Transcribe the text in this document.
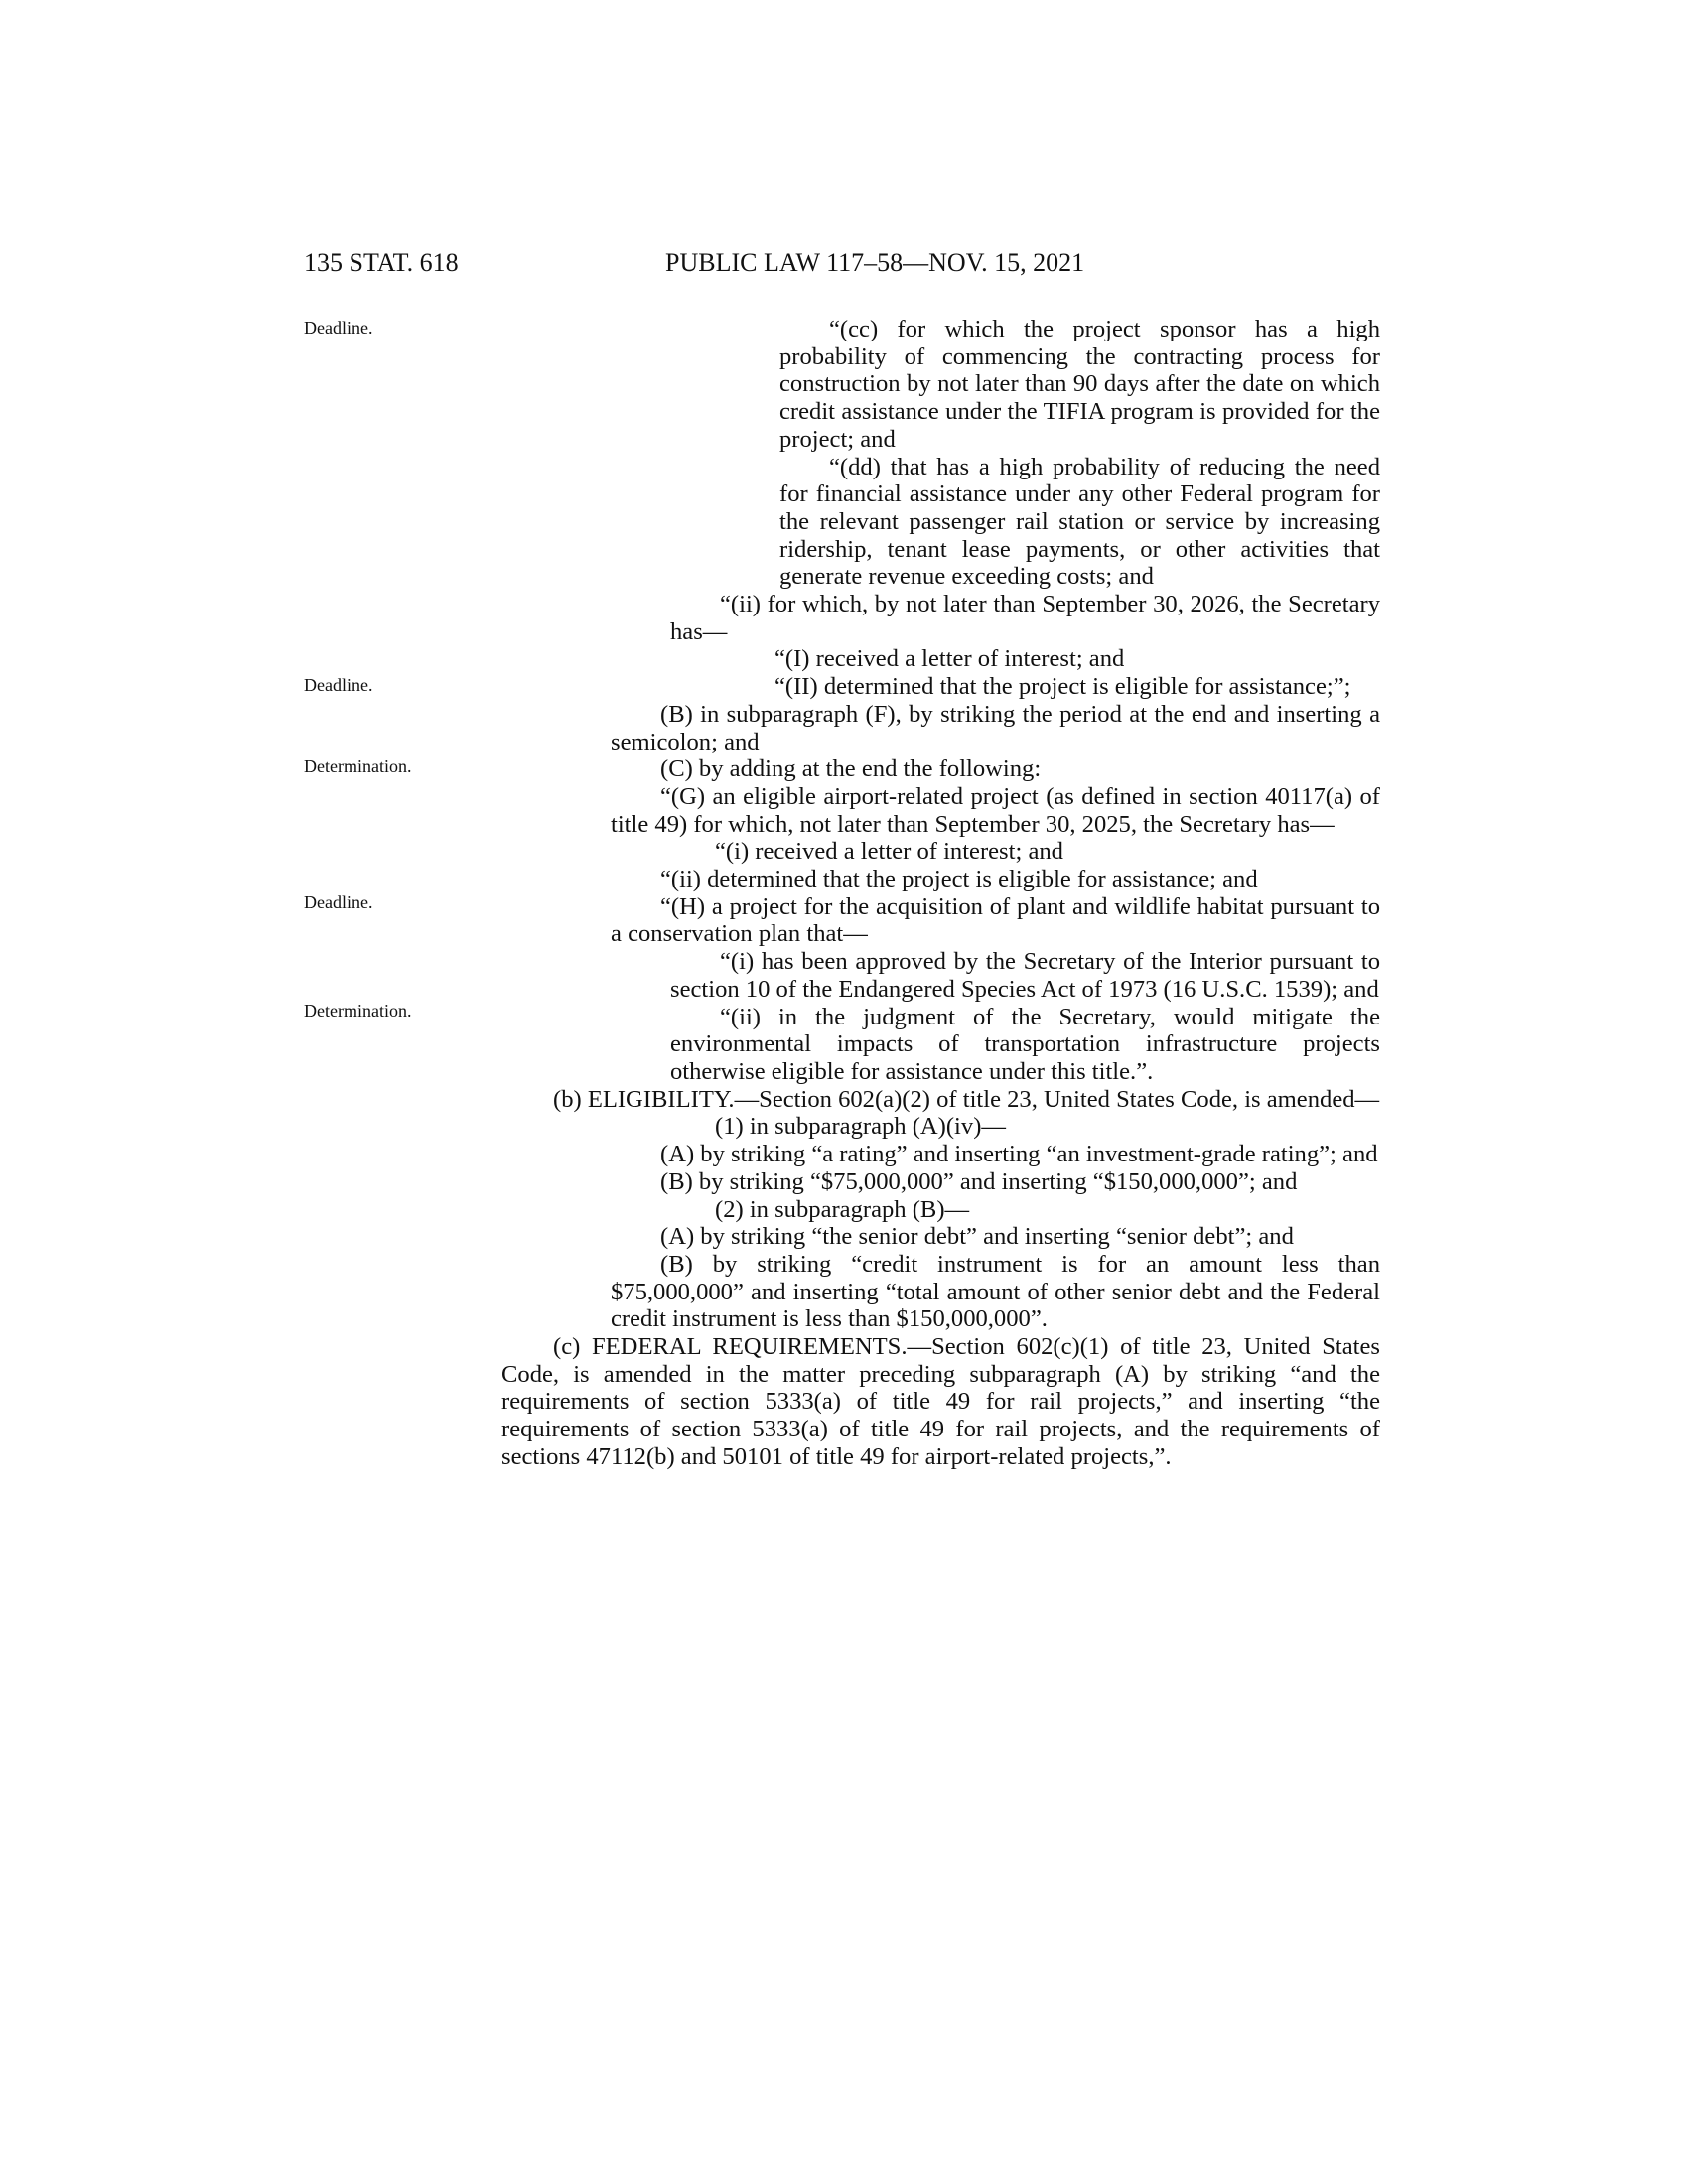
135 STAT. 618	PUBLIC LAW 117–58—NOV. 15, 2021
Deadline.
Deadline.
Determination.
Deadline.
Determination.

“(cc) for which the project sponsor has a high probability of commencing the contracting process for construction by not later than 90 days after the date on which credit assistance under the TIFIA program is provided for the project; and

“(dd) that has a high probability of reducing the need for financial assistance under any other Federal program for the relevant passenger rail station or service by increasing ridership, tenant lease payments, or other activities that generate revenue exceeding costs; and

“(ii) for which, by not later than September 30, 2026, the Secretary has—

“(I) received a letter of interest; and

“(II) determined that the project is eligible for assistance;”;

(B) in subparagraph (F), by striking the period at the end and inserting a semicolon; and

(C) by adding at the end the following:

“(G) an eligible airport-related project (as defined in section 40117(a) of title 49) for which, not later than September 30, 2025, the Secretary has—

“(i) received a letter of interest; and

“(ii) determined that the project is eligible for assistance; and

“(H) a project for the acquisition of plant and wildlife habitat pursuant to a conservation plan that—

“(i) has been approved by the Secretary of the Interior pursuant to section 10 of the Endangered Species Act of 1973 (16 U.S.C. 1539); and

“(ii) in the judgment of the Secretary, would mitigate the environmental impacts of transportation infrastructure projects otherwise eligible for assistance under this title.”.

(b) ELIGIBILITY.—Section 602(a)(2) of title 23, United States Code, is amended—

(1) in subparagraph (A)(iv)—

(A) by striking “a rating” and inserting “an investment-grade rating”; and

(B) by striking “$75,000,000” and inserting “$150,000,000”; and

(2) in subparagraph (B)—

(A) by striking “the senior debt” and inserting “senior debt”; and

(B) by striking “credit instrument is for an amount less than $75,000,000” and inserting “total amount of other senior debt and the Federal credit instrument is less than $150,000,000”.

(c) FEDERAL REQUIREMENTS.—Section 602(c)(1) of title 23, United States Code, is amended in the matter preceding subparagraph (A) by striking “and the requirements of section 5333(a) of title 49 for rail projects,” and inserting “the requirements of section 5333(a) of title 49 for rail projects, and the requirements of sections 47112(b) and 50101 of title 49 for airport-related projects,”.
